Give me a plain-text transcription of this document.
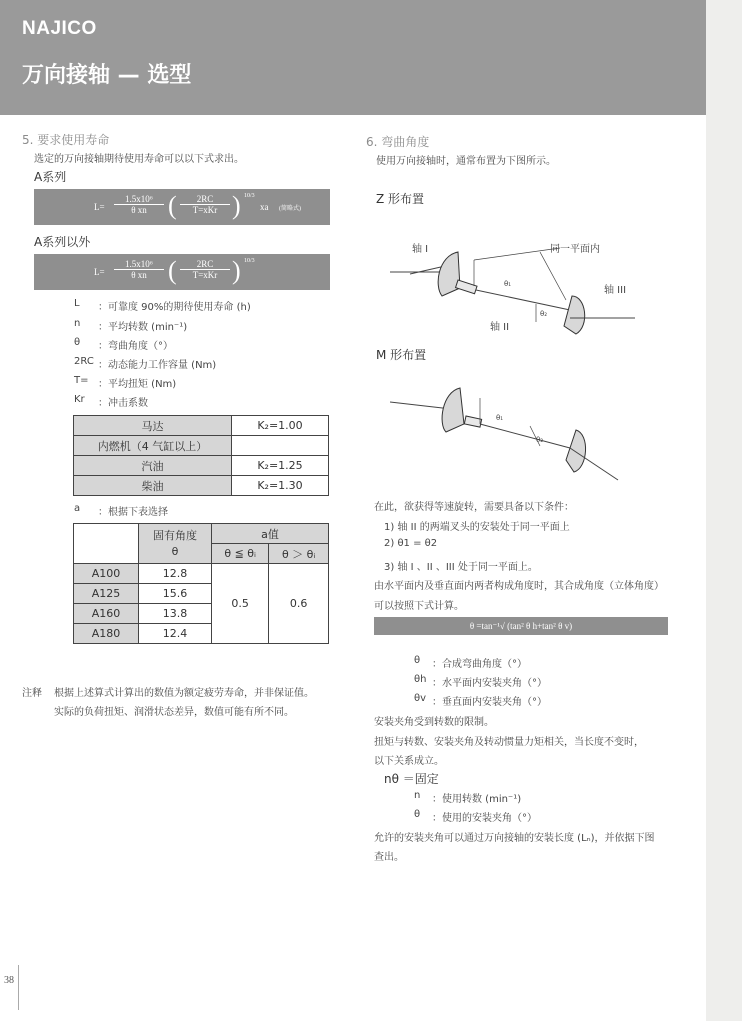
NAJICO
万向接轴 — 选型
5. 要求使用寿命
选定的万向接轴期待使用寿命可以以下式求出。
A系列
$L= \frac{\text{1.5x10⁶}}{\text{θ xn}}$ (	2RC
T=xKr ) 10/3
xa (简略式)
A系列以外
$L= \frac{\text{1.5x10⁶}}{\text{θ xn}}$ (	2RC
T=xKr ) 10/3
L ：可靠度 90%的期待使用寿命 (h)
n ：平均转数 (min⁻¹)
θ ：弯曲角度（°）
2RC ：动态能力工作容量 (Nm)
T= ：平均扭矩 (Nm)
Kr ：冲击系数
马达	K₂=1.00
内燃机（4 气缸以上）	
汽油	K₂=1.25
柴油	K₂=1.30
a ：根据下表选择

	固有角度
θ	a值	
		θ ≦ θᵢ	θ ＞ θᵢ
A100	12.8	0.5	0.6
A125	15.6		
A160	13.8		
A180	12.4		
注释 根据上述算式计算出的数值为额定疲劳寿命，并非保证值。
实际的负荷扭矩、润滑状态差异，数值可能有所不同。
6. 弯曲角度
使用万向接轴时，通常布置为下图所示。
Z 形布置
θ₁
θ₂
轴 I	同一平面内
轴 III
轴 II
M 形布置
θ₁
θ₂
在此，欲获得等速旋转，需要具备以下条件：
1) 轴 II 的两端叉头的安装处于同一平面上
2) θ1 = θ2
3) 轴 I 、II 、III 处于同一平面上。
由水平面内及垂直面内两者构成角度时，其合成角度（立体角度）
可以按照下式计算。
θ =tan⁻¹√ (tan² θ h+tan² θ v)
θ ：合成弯曲角度（°）
θh ：水平面内安装夹角（°）
θv ：垂直面内安装夹角（°）
安装夹角受到转数的限制。
扭矩与转数、安装夹角及转动惯量力矩相关，当长度不变时，
以下关系成立。
nθ ＝固定
n ：使用转数 (min⁻¹)
θ ：使用的安装夹角（°）
允许的安装夹角可以通过万向接轴的安装长度 (Lₙ)，并依据下图
查出。
38
